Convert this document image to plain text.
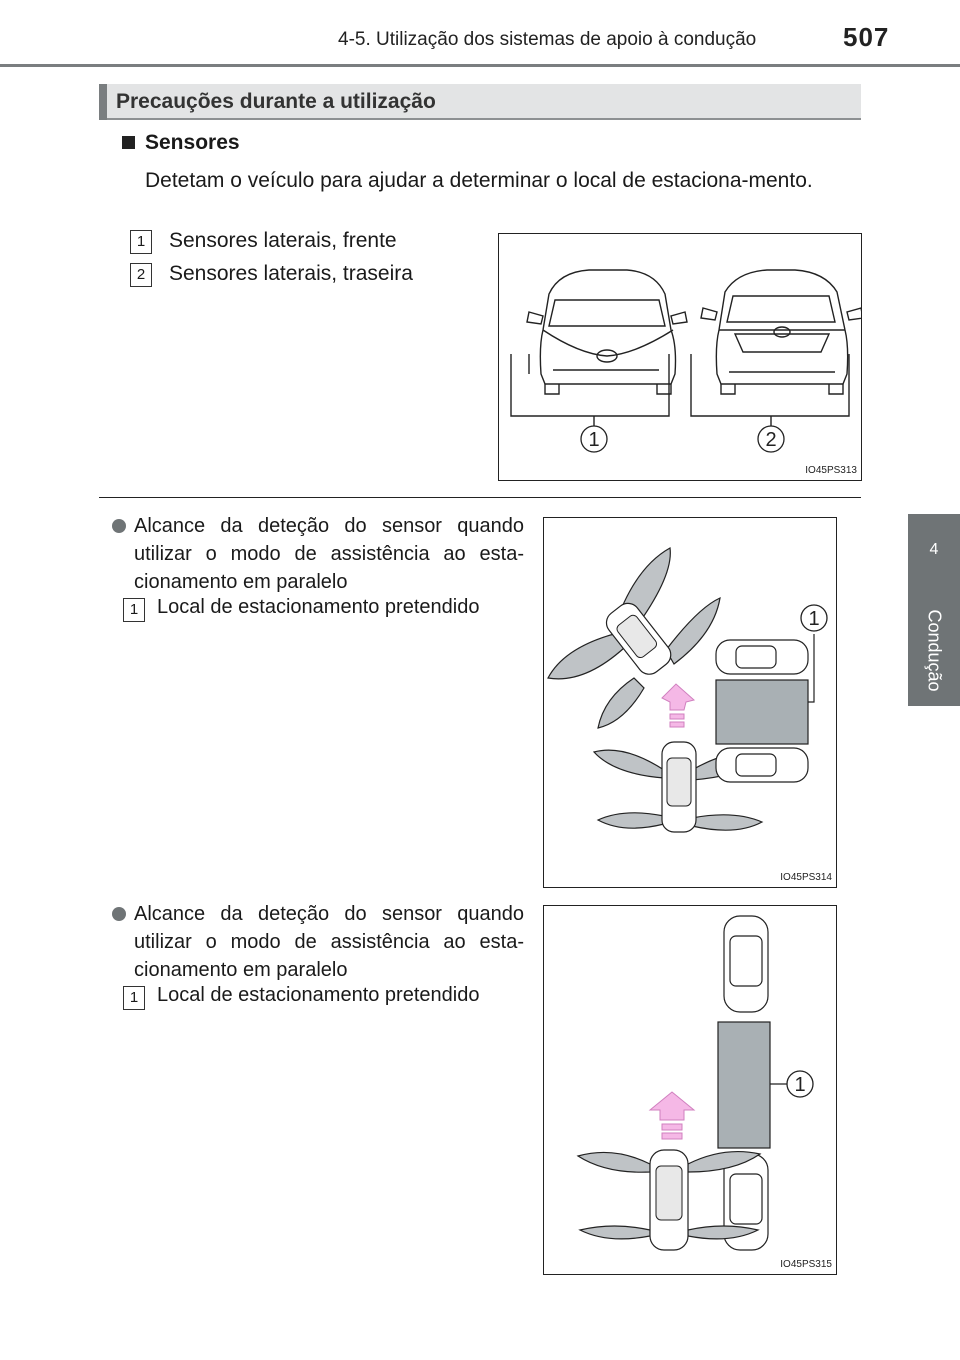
4-5. Utilização dos sistemas de apoio à condução	507
4
Condução
Precauções durante a utilização
Sensores
Detetam o veículo para ajudar a determinar o local de estaciona-mento.
1	Sensores laterais, frente
2	Sensores laterais, traseira
1	2
IO45PS313
Alcance da deteção do sensor quando utilizar o modo de assistência ao esta-cionamento em paralelo
1 Local de estacionamento pretendido
1
IO45PS314
Alcance da deteção do sensor quando utilizar o modo de assistência ao esta-cionamento em paralelo
1 Local de estacionamento pretendido
1
IO45PS315
